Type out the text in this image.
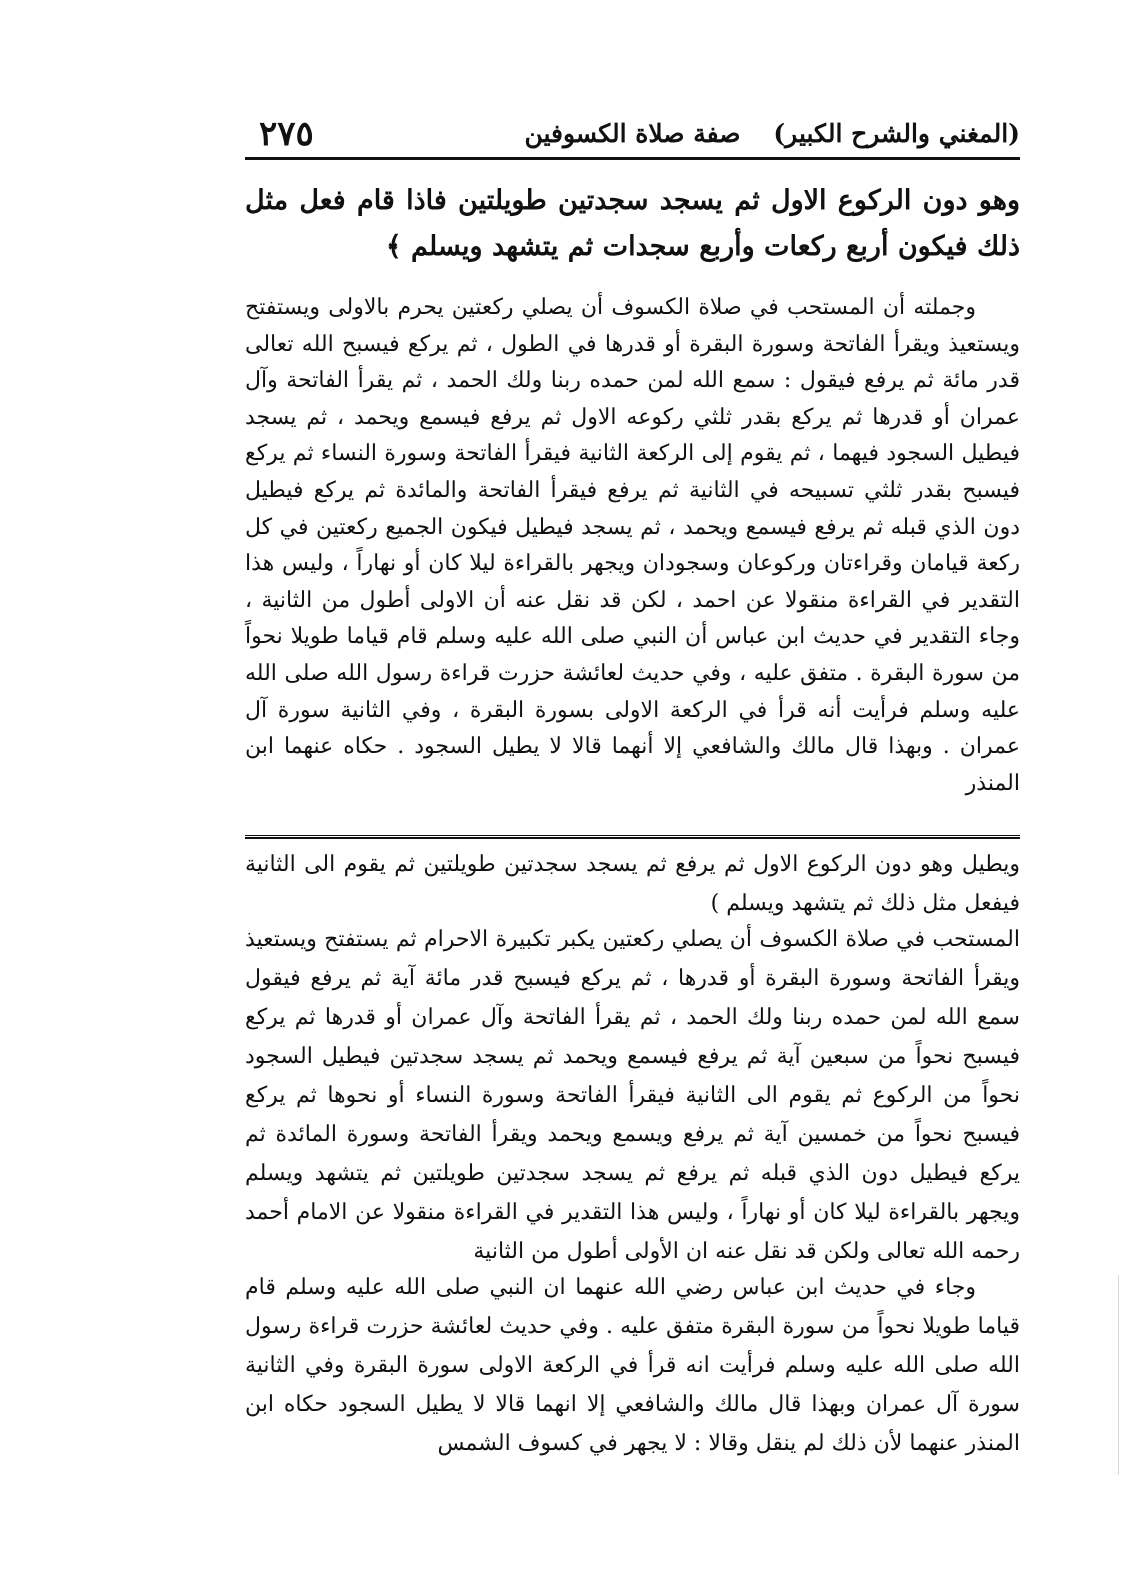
٢٧٥	صفة صلاة الكسوفين	(المغني والشرح الكبير)

وهو دون الركوع الاول ثم يسجد سجدتين طويلتين فاذا قام فعل مثل ذلك فيكون أربع ركعات وأربع سجدات ثم يتشهد ويسلم ﴾

وجملته أن المستحب في صلاة الكسوف أن يصلي ركعتين يحرم بالاولى ويستفتح ويستعيذ ويقرأ الفاتحة وسورة البقرة أو قدرها في الطول ، ثم يركع فيسبح الله تعالى قدر مائة ثم يرفع فيقول : سمع الله لمن حمده ربنا ولك الحمد ، ثم يقرأ الفاتحة وآل عمران أو قدرها ثم يركع بقدر ثلثي ركوعه الاول ثم يرفع فيسمع ويحمد ، ثم يسجد فيطيل السجود فيهما ، ثم يقوم إلى الركعة الثانية فيقرأ الفاتحة وسورة النساء ثم يركع فيسبح بقدر ثلثي تسبيحه في الثانية ثم يرفع فيقرأ الفاتحة والمائدة ثم يركع فيطيل دون الذي قبله ثم يرفع فيسمع ويحمد ، ثم يسجد فيطيل فيكون الجميع ركعتين في كل ركعة قيامان وقراءتان وركوعان وسجودان ويجهر بالقراءة ليلا كان أو نهاراً ، وليس هذا التقدير في القراءة منقولا عن احمد ، لكن قد نقل عنه أن الاولى أطول من الثانية ، وجاء التقدير في حديث ابن عباس أن النبي صلى الله عليه وسلم قام قياما طويلا نحواً من سورة البقرة . متفق عليه ، وفي حديث لعائشة حزرت قراءة رسول الله صلى الله عليه وسلم فرأيت أنه قرأ في الركعة الاولى بسورة البقرة ، وفي الثانية سورة آل عمران . وبهذا قال مالك والشافعي إلا أنهما قالا لا يطيل السجود . حكاه عنهما ابن المنذر

ويطيل وهو دون الركوع الاول ثم يرفع ثم يسجد سجدتين طويلتين ثم يقوم الى الثانية فيفعل مثل ذلك ثم يتشهد ويسلم )

المستحب في صلاة الكسوف أن يصلي ركعتين يكبر تكبيرة الاحرام ثم يستفتح ويستعيذ ويقرأ الفاتحة وسورة البقرة أو قدرها ، ثم يركع فيسبح قدر مائة آية ثم يرفع فيقول سمع الله لمن حمده ربنا ولك الحمد ، ثم يقرأ الفاتحة وآل عمران أو قدرها ثم يركع فيسبح نحواً من سبعين آية ثم يرفع فيسمع ويحمد ثم يسجد سجدتين فيطيل السجود نحواً من الركوع ثم يقوم الى الثانية فيقرأ الفاتحة وسورة النساء أو نحوها ثم يركع فيسبح نحواً من خمسين آية ثم يرفع ويسمع ويحمد ويقرأ الفاتحة وسورة المائدة ثم يركع فيطيل دون الذي قبله ثم يرفع ثم يسجد سجدتين طويلتين ثم يتشهد ويسلم ويجهر بالقراءة ليلا كان أو نهاراً ، وليس هذا التقدير في القراءة منقولا عن الامام أحمد رحمه الله تعالى ولكن قد نقل عنه ان الأولى أطول من الثانية

وجاء في حديث ابن عباس رضي الله عنهما ان النبي صلى الله عليه وسلم قام قياما طويلا نحواً من سورة البقرة متفق عليه . وفي حديث لعائشة حزرت قراءة رسول الله صلى الله عليه وسلم فرأيت انه قرأ في الركعة الاولى سورة البقرة وفي الثانية سورة آل عمران وبهذا قال مالك والشافعي إلا انهما قالا لا يطيل السجود حكاه ابن المنذر عنهما لأن ذلك لم ينقل وقالا : لا يجهر في كسوف الشمس
